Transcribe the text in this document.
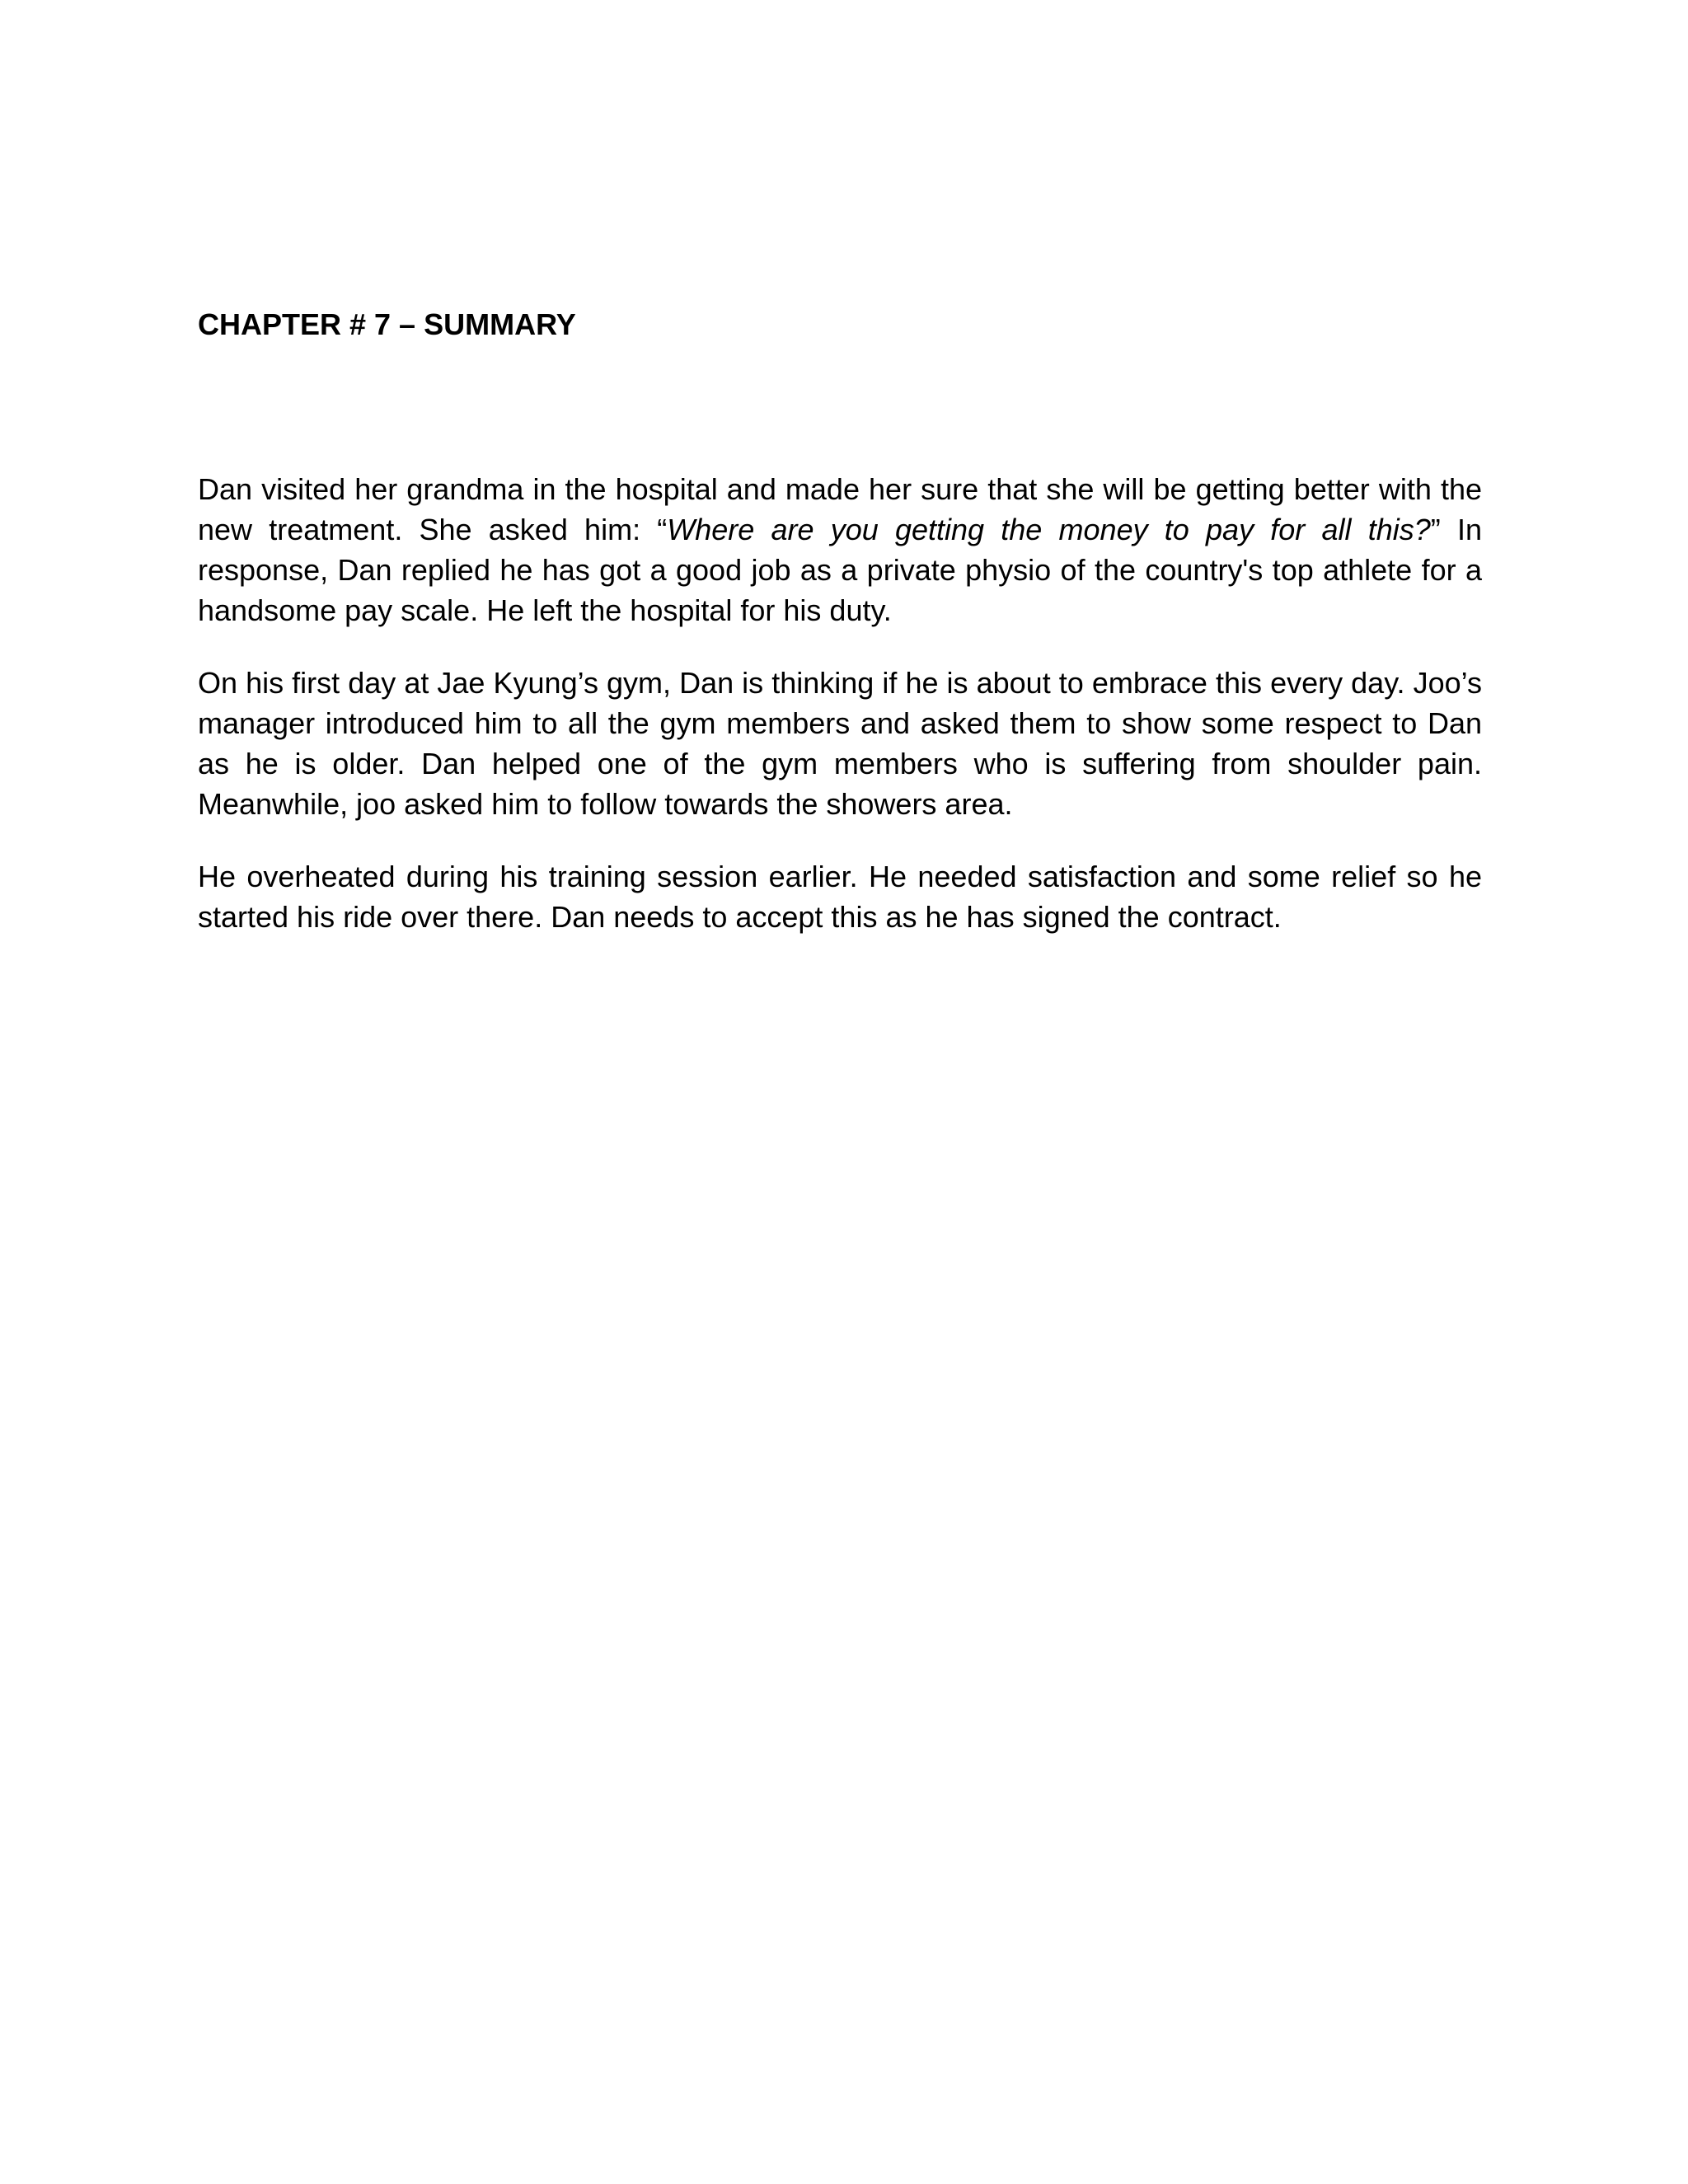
CHAPTER # 7 – SUMMARY

Dan visited her grandma in the hospital and made her sure that she will be getting better with the new treatment. She asked him: “Where are you getting the money to pay for all this?” In response, Dan replied he has got a good job as a private physio of the country's top athlete for a handsome pay scale. He left the hospital for his duty.

On his first day at Jae Kyung’s gym, Dan is thinking if he is about to embrace this every day. Joo’s manager introduced him to all the gym members and asked them to show some respect to Dan as he is older. Dan helped one of the gym members who is suffering from shoulder pain. Meanwhile, joo asked him to follow towards the showers area.

He overheated during his training session earlier. He needed satisfaction and some relief so he started his ride over there. Dan needs to accept this as he has signed the contract.
